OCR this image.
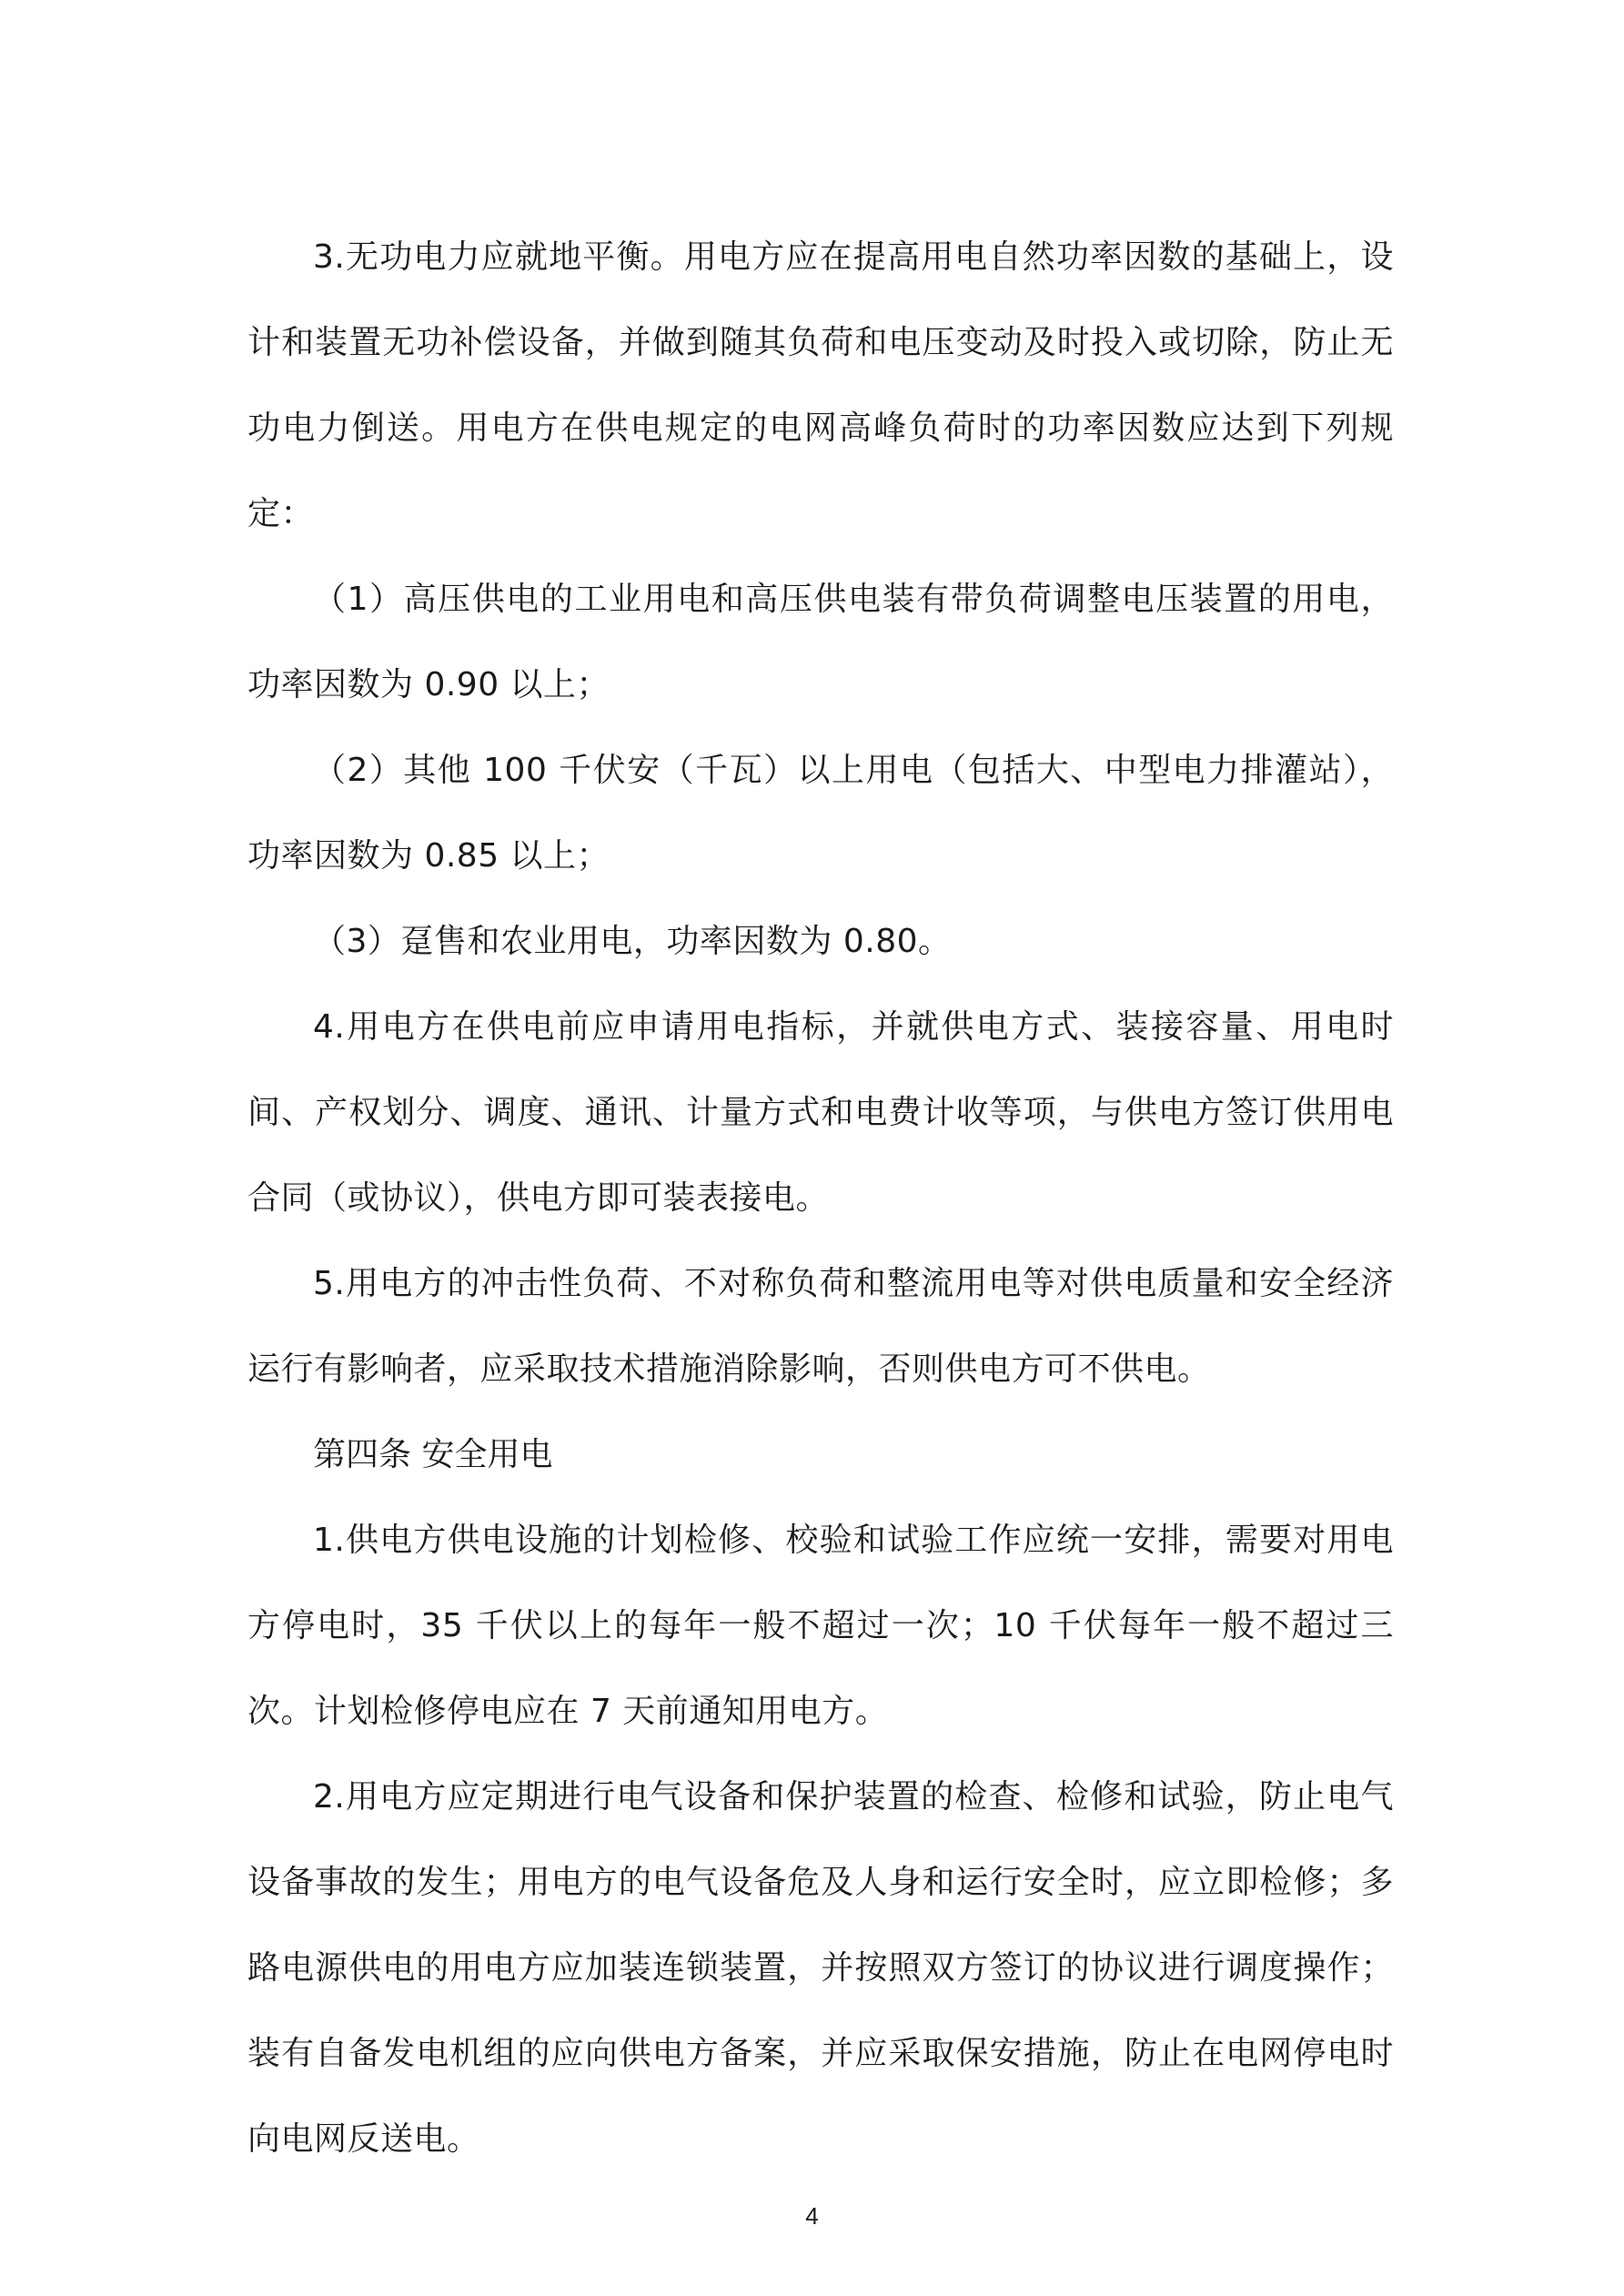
3.无功电力应就地平衡。用电方应在提高用电自然功率因数的基础上，设计和装置无功补偿设备，并做到随其负荷和电压变动及时投入或切除，防止无功电力倒送。用电方在供电规定的电网高峰负荷时的功率因数应达到下列规定：

（1）高压供电的工业用电和高压供电装有带负荷调整电压装置的用电，功率因数为 0.90 以上；

（2）其他 100 千伏安（千瓦）以上用电（包括大、中型电力排灌站），功率因数为 0.85 以上；

（3）趸售和农业用电，功率因数为 0.80。

4.用电方在供电前应申请用电指标，并就供电方式、装接容量、用电时间、产权划分、调度、通讯、计量方式和电费计收等项，与供电方签订供用电合同（或协议），供电方即可装表接电。

5.用电方的冲击性负荷、不对称负荷和整流用电等对供电质量和安全经济运行有影响者，应采取技术措施消除影响，否则供电方可不供电。

第四条 安全用电

1.供电方供电设施的计划检修、校验和试验工作应统一安排，需要对用电方停电时，35 千伏以上的每年一般不超过一次；10 千伏每年一般不超过三次。计划检修停电应在 7 天前通知用电方。

2.用电方应定期进行电气设备和保护装置的检查、检修和试验，防止电气设备事故的发生；用电方的电气设备危及人身和运行安全时，应立即检修；多路电源供电的用电方应加装连锁装置，并按照双方签订的协议进行调度操作；装有自备发电机组的应向供电方备案，并应采取保安措施，防止在电网停电时向电网反送电。

4
